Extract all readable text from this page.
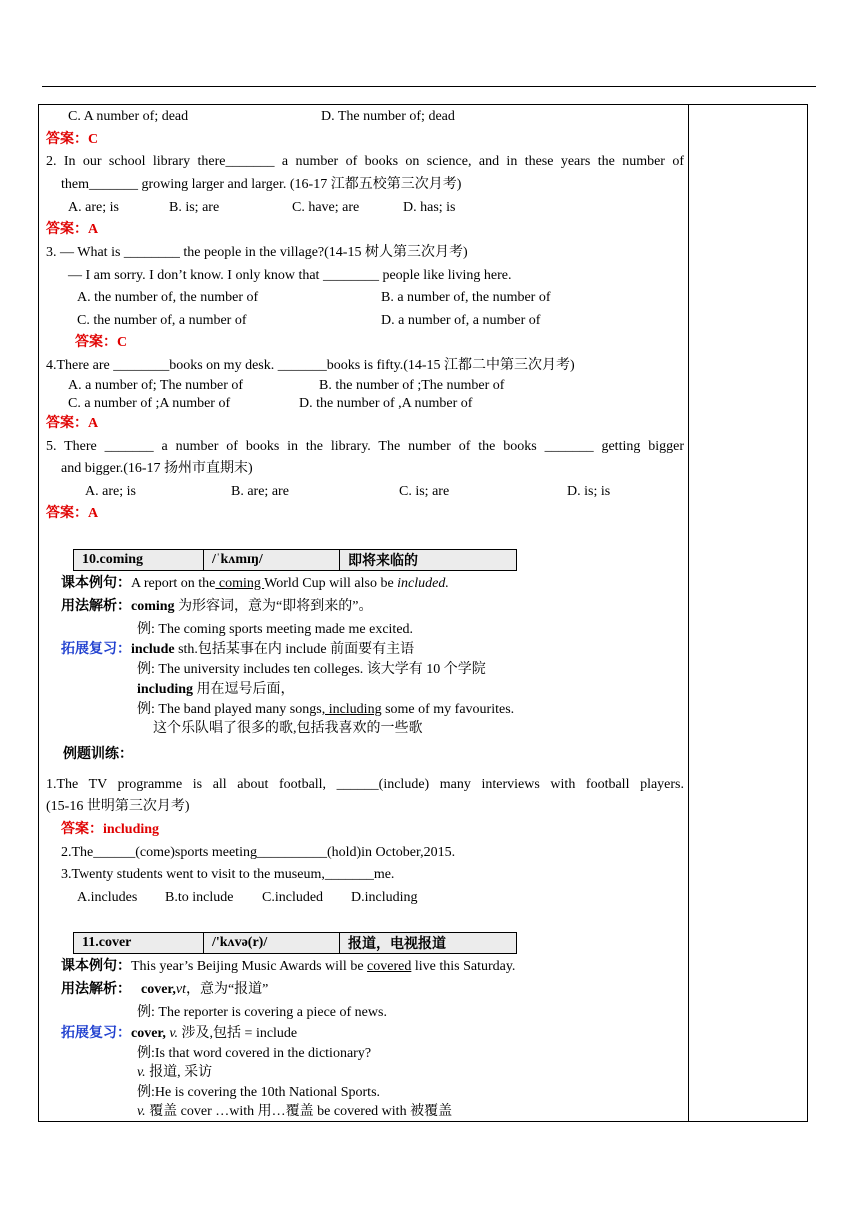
C. A number of; dead	D. The number of; dead
答案：C
2. In our school library there_______ a number of books on science, and in these years the number of
them_______ growing larger and larger. (16-17 江都五校第三次月考)
A. are; is	B. is; are	C. have; are	D. has; is
答案：A
3. — What is ________ the people in the village?(14-15 树人第三次月考)
— I am sorry. I don’t know. I only know that ________ people like living here.
A. the number of, the number of	B. a number of, the number of
C. the number of, a number of	D. a number of, a number of
答案：C
4.There are ________books on my desk. _______books is fifty.(14-15 江都二中第三次月考)
A. a number of; The number of	B. the number of ;The number of
C. a number of ;A number of	D. the number of ,A number of
答案：A
5. There _______ a number of books in the library. The number of the books _______ getting bigger
and bigger.(16-17 扬州市直期末)
A. are; is	B. are; are	C. is; are	D. is; is
答案：A
10.coming	/ˈkʌmɪŋ/	即将来临的
课本例句：A report on the coming World Cup will also be included.
用法解析：coming 为形容词，意为“即将到来的”。
例: The coming sports meeting made me excited.
拓展复习：include sth.包括某事在内 include 前面要有主语
例: The university includes ten colleges. 该大学有 10 个学院
including 用在逗号后面，
例: The band played many songs, including some of my favourites.
这个乐队唱了很多的歌,包括我喜欢的一些歌
例题训练：
1.The TV programme is all about football, ______(include) many interviews with football players.
(15-16 世明第三次月考)
答案：including
2.The______(come)sports meeting__________(hold)in October,2015.
3.Twenty students went to visit to the museum,_______me.
A.includes B.to include C.included D.including
11.cover	/'kʌvə(r)/	报道，电视报道
课本例句：This year’s Beijing Music Awards will be covered live this Saturday.
用法解析： cover,vt，意为“报道”
例: The reporter is covering a piece of news.
拓展复习：cover, v. 涉及,包括 = include
例:Is that word covered in the dictionary?
v. 报道, 采访
例:He is covering the 10th National Sports.
v. 覆盖 cover …with 用…覆盖 be covered with 被覆盖
